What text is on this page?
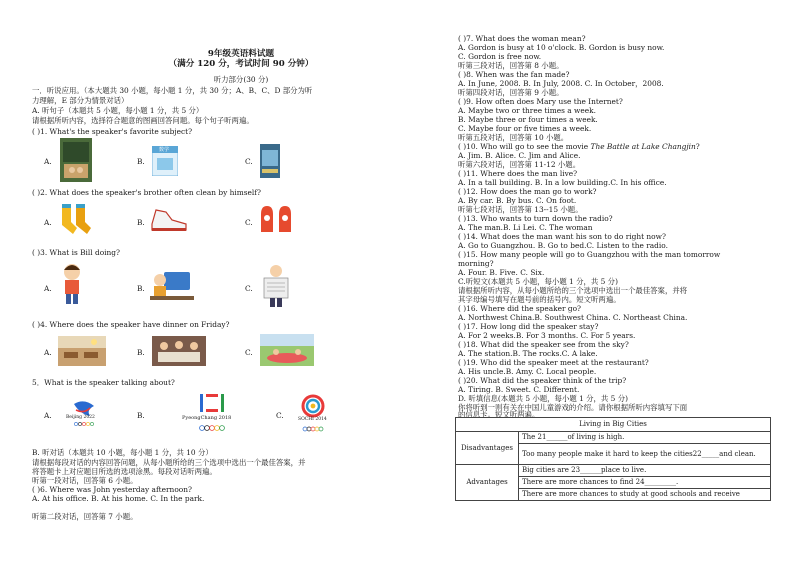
9年级英语料试题
（满分 120 分，考试时间 90 分钟）
听力部分(30 分)
一．听说应用。（本大题共 30 小题，每小题 1 分，共 30 分；A、B、C、D 部分为听
力理解，E 部分为情景对话）
A. 听句子（本题共 5 小题，每小题 1 分，共 5 分）
请根据所听内容，选择符合题意的图画回答问题。每个句子听两遍。
( )1. What's the speaker's favorite subject?
A.	B.
数学
C.
( )2. What does the speaker's brother often clean by himself?
A.	B.	C.
( )3. What is Bill doing?
A.	B.	C.
( )4. Where does the speaker have dinner on Friday?
A.	B.	C.
5．What is the speaker talking about?
A.	Beijing 2022	B.	PyeongChang 2018	C.	SOCHI 2014
B. 听对话（本题共 10 小题，每小题 1 分，共 10 分）
请根据每段对话的内容回答问题，从每小题所给的三个选项中选出一个最佳答案，并
将答题卡上对应题目所选的选项涂黑。每段对话听两遍。
听第一段对话，回答第 6 小题。
( )6. Where was John yesterday afternoon?
A. At his office. B. At his home. C. In the park.
听第二段对话，回答第 7 小题。
( )7. What does the woman mean?
A. Gordon is busy at 10 o'clock. B. Gordon is busy now.
C. Gordon is free now.
听第三段对话，回答第 8 小题。
( )8. When was the fan made?
A. In June, 2008. B. In July, 2008. C. In October，2008.
听第四段对话，回答第 9 小题。
( )9. How often does Mary use the Internet?
A. Maybe two or three times a week.
B. Maybe three or four times a week.
C. Maybe four or five times a week.
听第五段对话，回答第 10 小题。
( )10. Who will go to see the movie The Battle at Lake Changjin?
A. Jim. B. Alice. C. Jim and Alice.
听第六段对话，回答第 11-12 小题。
( )11. Where does the man live?
A. In a tall building. B. In a low building.C. In his office.
( )12. How does the man go to work?
A. By car. B. By bus. C. On foot.
听第七段对话，回答第 13--15 小题。
( )13. Who wants to turn down the radio?
A. The man.B. Li Lei. C. The woman
( )14. What does the man want his son to do right now?
A. Go to Guangzhou. B. Go to bed.C. Listen to the radio.
( )15. How many people will go to Guangzhou with the man tomorrow
morning?
A. Four. B. Five. C. Six.
C.听短文(本题共 5 小题，每小题 1 分，共 5 分)
请根据所听内容，从每小题所给的三个选项中选出一个最佳答案，并将
其字母编号填写在题号前的括号内。短文听两遍。
( )16. Where did the speaker go?
A. Northwest China.B. Southwest China. C. Northeast China.
( )17. How long did the speaker stay?
A. For 2 weeks.B. For 3 months. C. For 5 years.
( )18. What did the speaker see from the sky?
A. The station.B. The rocks.C. A lake.
( )19. Who did the speaker meet at the restaurant?
A. His uncle.B. Amy. C. Local people.
( )20. What did the speaker think of the trip?
A. Tiring. B. Sweet. C. Different.
D. 听填信息(本题共 5 小题，每小题 1 分，共 5 分)
你将听到一则有关在中国儿童游戏的介绍。请你根据所听内容填写下面
的信息卡。短文听两遍。
Living in Big Cities	
Disadvantages	The 21______of living is high.
	Too many people make it hard to keep the cities22_____and clean.
Advantages	Big cities are 23______place to live.
	There are more chances to find 24_________.
	There are more chances to study at good schools and receive
